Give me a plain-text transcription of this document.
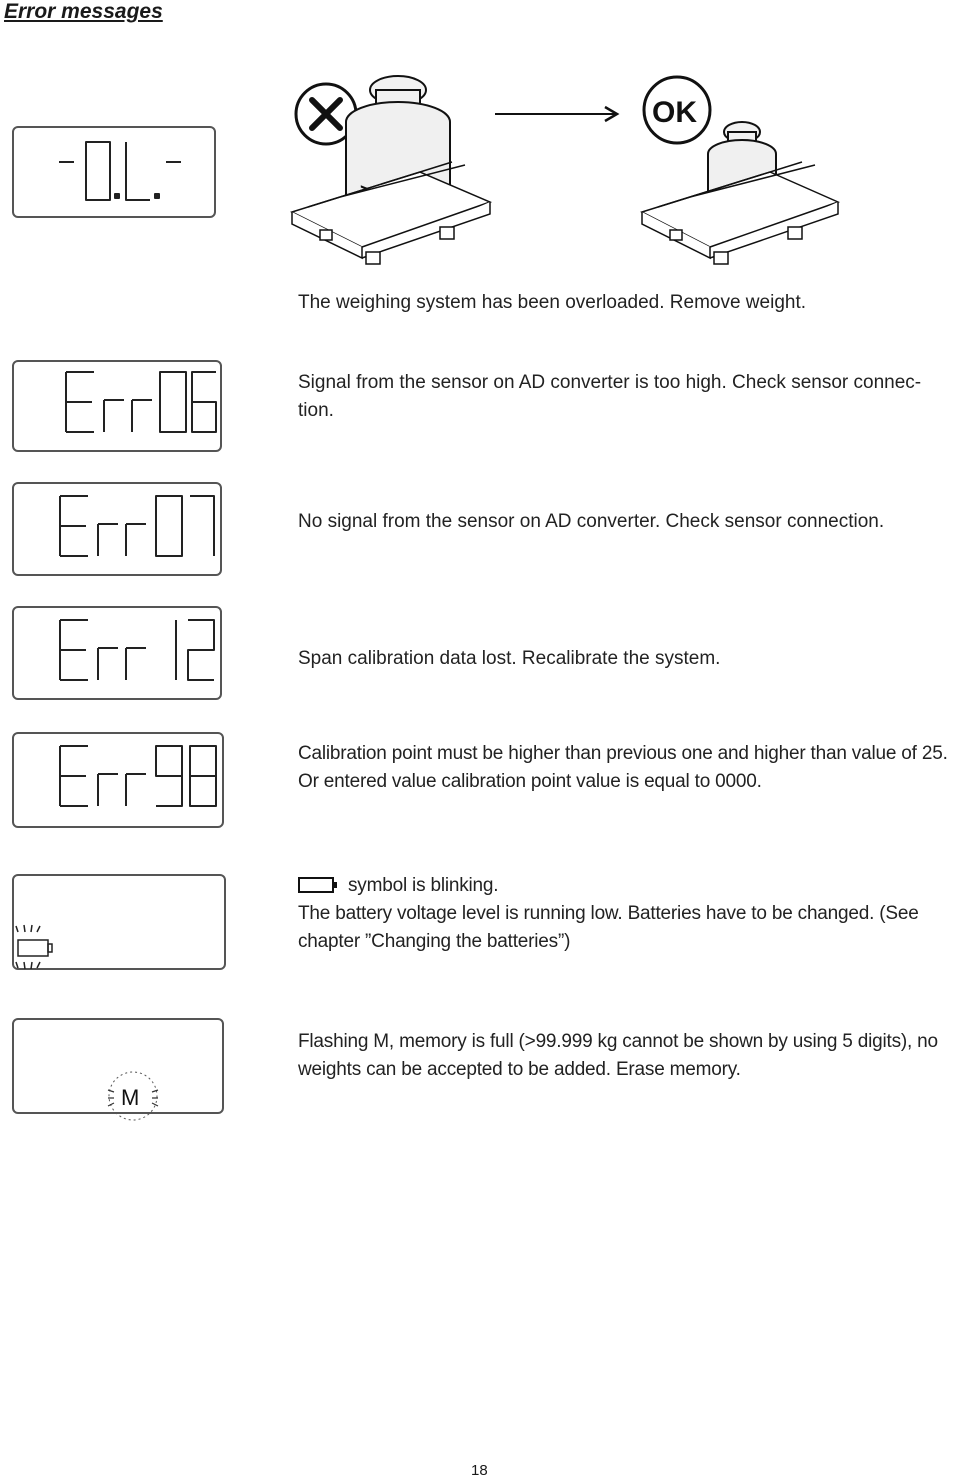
Error messages
OK
The weighing system has been overloaded. Remove weight.
Signal from the sensor on AD converter is too high. Check sensor connec-
tion.
No signal from the sensor on AD converter. Check sensor connection.
Span calibration data lost. Recalibrate the system.
Calibration point must be higher than previous one and higher than value of 25. Or entered value calibration point value is equal to 0000.
symbol is blinking.
The battery voltage level is running low. Batteries have to be changed. (See chapter ”Changing the batteries”)
M
Flashing M, memory is full (>99.999 kg cannot be shown by using 5 digits), no weights can be accepted to be added. Erase memory.
18
